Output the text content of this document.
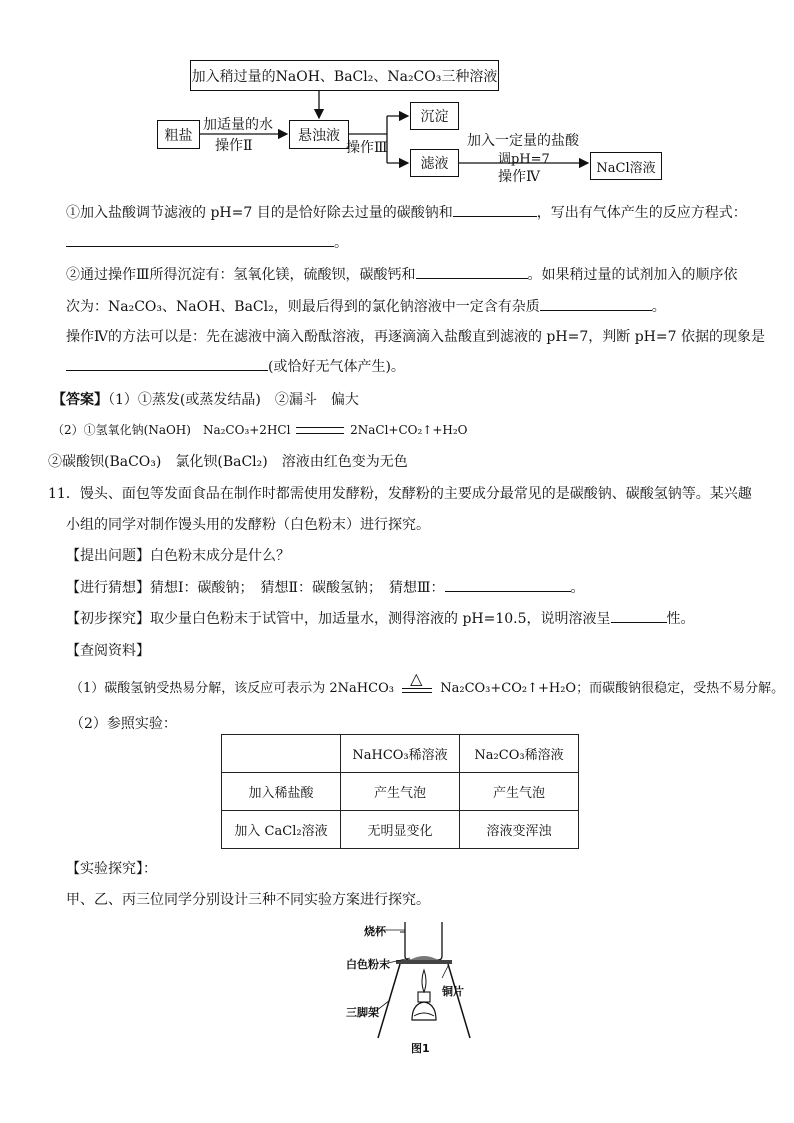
加入稍过量的NaOH、BaCl₂、Na₂CO₃三种溶液
粗盐
加适量的水
操作Ⅱ
悬浊液
操作Ⅲ
沉淀
滤液
加入一定量的盐酸
调pH=7
操作Ⅳ
NaCl溶液
①加入盐酸调节滤液的 pH=7 目的是恰好除去过量的碳酸钠和	，写出有气体产生的反应方程式：
。
②通过操作Ⅲ所得沉淀有：氢氧化镁，硫酸钡，碳酸钙和	。如果稍过量的试剂加入的顺序依
次为：Na₂CO₃、NaOH、BaCl₂，则最后得到的氯化钠溶液中一定含有杂质	。
操作Ⅳ的方法可以是：先在滤液中滴入酚酞溶液，再逐滴滴入盐酸直到滤液的 pH=7，判断 pH=7 依据的现象是
(或恰好无气体产生)。
【答案】（1）①蒸发(或蒸发结晶)　②漏斗　偏大
（2）①氢氧化钠(NaOH)　Na₂CO₃+2HCl	2NaCl+CO₂↑+H₂O
②碳酸钡(BaCO₃)　氯化钡(BaCl₂)　溶液由红色变为无色
11．馒头、面包等发面食品在制作时都需使用发酵粉，发酵粉的主要成分最常见的是碳酸钠、碳酸氢钠等。某兴趣
小组的同学对制作馒头用的发酵粉（白色粉末）进行探究。
【提出问题】白色粉末成分是什么？
【进行猜想】猜想Ⅰ：碳酸钠；　猜想Ⅱ：碳酸氢钠；　猜想Ⅲ：	。
【初步探究】取少量白色粉末于试管中，加适量水，测得溶液的 pH=10.5，说明溶液呈	性。
【查阅资料】
（1）碳酸氢钠受热易分解，该反应可表示为 2NaHCO₃
△
Na₂CO₃+CO₂↑+H₂O；而碳酸钠很稳定，受热不易分解。
（2）参照实验：
	NaHCO₃稀溶液	Na₂CO₃稀溶液
加入稀盐酸	产生气泡	产生气泡
加入 CaCl₂溶液	无明显变化	溶液变浑浊
【实验探究】：
甲、乙、丙三位同学分别设计三种不同实验方案进行探究。
烧杯
白色粉末
铜片
三脚架
图1
